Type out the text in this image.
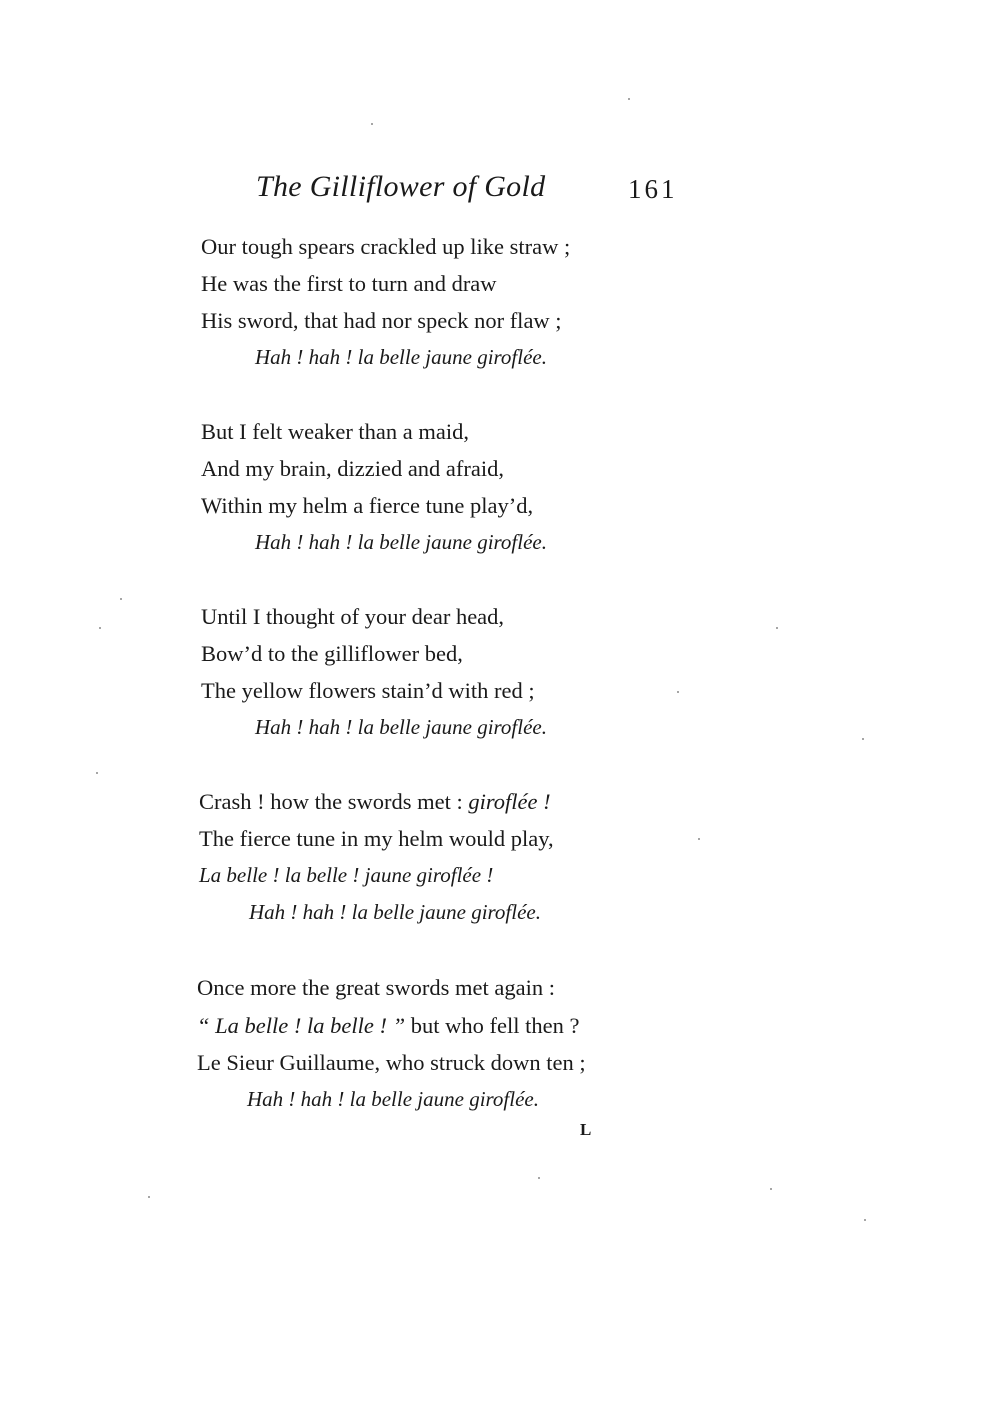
The Gilliflower of Gold	161
Our tough spears crackled up like straw ;
He was the first to turn and draw
His sword, that had nor speck nor flaw ;
Hah ! hah ! la belle jaune giroflée.
But I felt weaker than a maid,
And my brain, dizzied and afraid,
Within my helm a fierce tune play’d,
Hah ! hah ! la belle jaune giroflée.
Until I thought of your dear head,
Bow’d to the gilliflower bed,
The yellow flowers stain’d with red ;
Hah ! hah ! la belle jaune giroflée.
Crash ! how the swords met : giroflée !
The fierce tune in my helm would play,
La belle ! la belle ! jaune giroflée !
Hah ! hah ! la belle jaune giroflée.
Once more the great swords met again :
“ La belle ! la belle ! ” but who fell then ?
Le Sieur Guillaume, who struck down ten ;
Hah ! hah ! la belle jaune giroflée.
L
